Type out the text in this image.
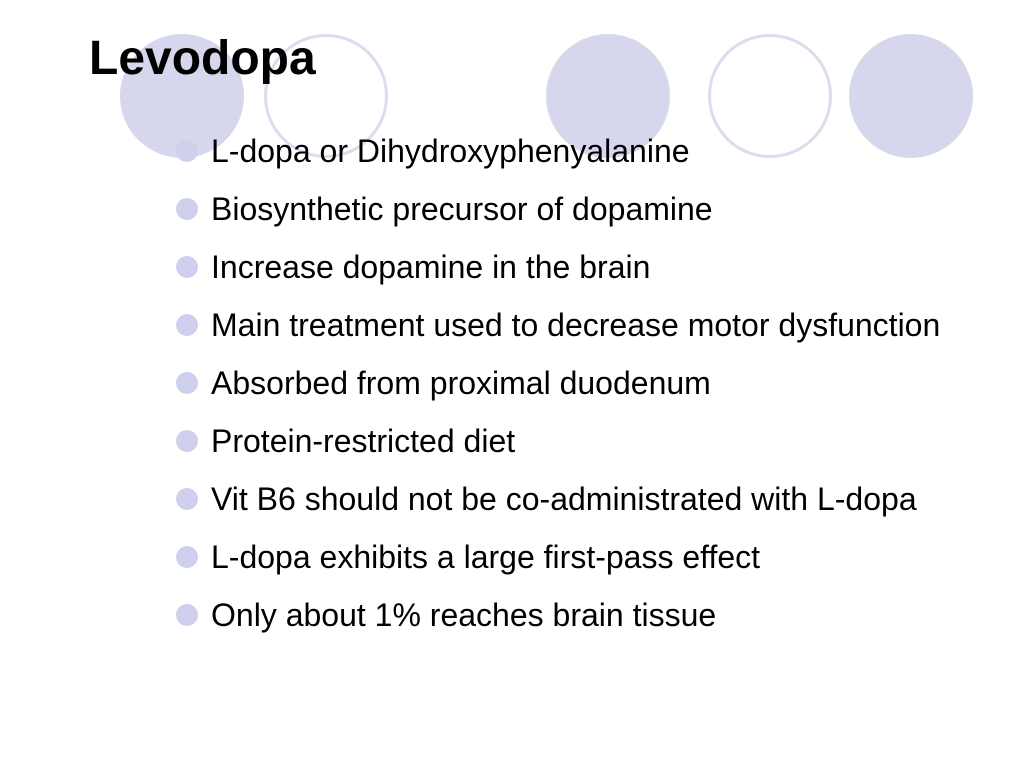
Levodopa
L-dopa or Dihydroxyphenyalanine
Biosynthetic precursor of dopamine
Increase dopamine in the brain
Main treatment used to decrease motor dysfunction
Absorbed from proximal duodenum
Protein-restricted diet
Vit B6 should not be co-administrated with L-dopa
L-dopa exhibits a large first-pass effect
Only about 1% reaches brain tissue
